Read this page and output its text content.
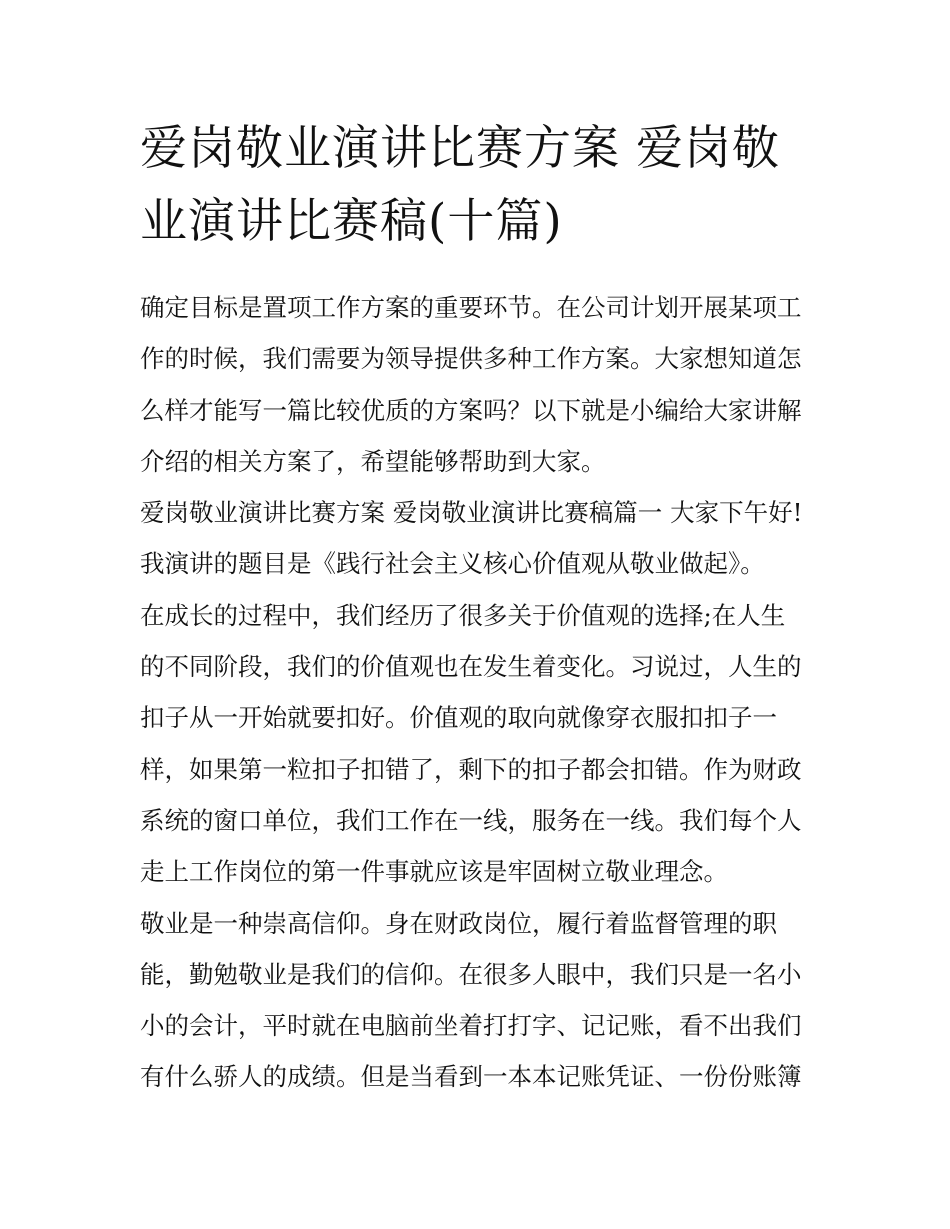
爱岗敬业演讲比赛方案 爱岗敬
业演讲比赛稿(十篇)
确定目标是置项工作方案的重要环节。在公司计划开展某项工
作的时候，我们需要为领导提供多种工作方案。大家想知道怎
么样才能写一篇比较优质的方案吗？以下就是小编给大家讲解
介绍的相关方案了，希望能够帮助到大家。
爱岗敬业演讲比赛方案 爱岗敬业演讲比赛稿篇一 大家下午好!
我演讲的题目是《践行社会主义核心价值观从敬业做起》。
在成长的过程中，我们经历了很多关于价值观的选择;在人生
的不同阶段，我们的价值观也在发生着变化。习说过，人生的
扣子从一开始就要扣好。价值观的取向就像穿衣服扣扣子一
样，如果第一粒扣子扣错了，剩下的扣子都会扣错。作为财政
系统的窗口单位，我们工作在一线，服务在一线。我们每个人
走上工作岗位的第一件事就应该是牢固树立敬业理念。
敬业是一种崇高信仰。身在财政岗位，履行着监督管理的职
能，勤勉敬业是我们的信仰。在很多人眼中，我们只是一名小
小的会计，平时就在电脑前坐着打打字、记记账，看不出我们
有什么骄人的成绩。但是当看到一本本记账凭证、一份份账簿
